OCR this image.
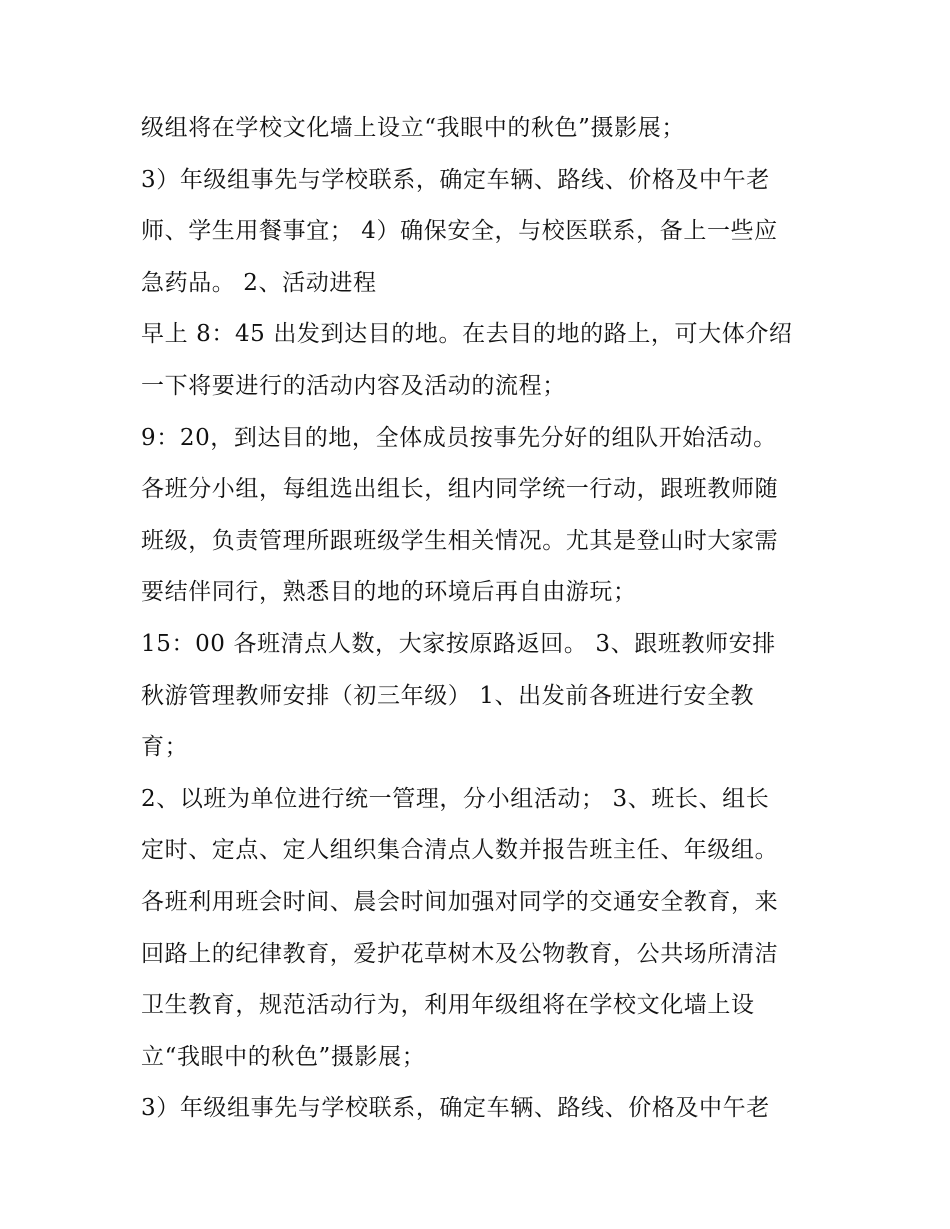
级组将在学校文化墙上设立“我眼中的秋色”摄影展；
3）年级组事先与学校联系，确定车辆、路线、价格及中午老
师、学生用餐事宜； 4）确保安全，与校医联系，备上一些应
急药品。 2、活动进程
早上 8：45 出发到达目的地。在去目的地的路上，可大体介绍
一下将要进行的活动内容及活动的流程；
9：20，到达目的地，全体成员按事先分好的组队开始活动。
各班分小组，每组选出组长，组内同学统一行动，跟班教师随
班级，负责管理所跟班级学生相关情况。尤其是登山时大家需
要结伴同行，熟悉目的地的环境后再自由游玩；
15：00 各班清点人数，大家按原路返回。 3、跟班教师安排
秋游管理教师安排（初三年级） 1、出发前各班进行安全教
育；
2、以班为单位进行统一管理，分小组活动； 3、班长、组长
定时、定点、定人组织集合清点人数并报告班主任、年级组。
各班利用班会时间、晨会时间加强对同学的交通安全教育，来
回路上的纪律教育，爱护花草树木及公物教育，公共场所清洁
卫生教育，规范活动行为，利用年级组将在学校文化墙上设
立“我眼中的秋色”摄影展；
3）年级组事先与学校联系，确定车辆、路线、价格及中午老
